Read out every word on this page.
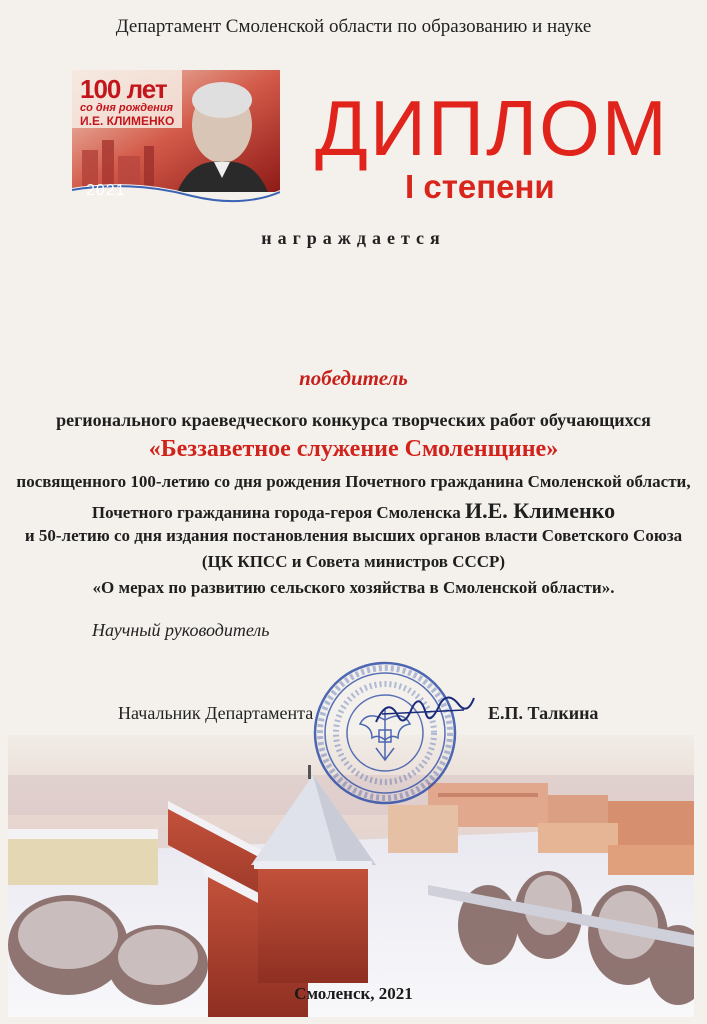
Департамент Смоленской области по образованию и науке
100 лет
со дня рождения
И.Е. КЛИМЕНКО
2021
ДИПЛОМ
I степени
награждается
победитель
регионального краеведческого конкурса творческих работ обучающихся
«Беззаветное служение Смоленщине»
посвященного 100-летию со дня рождения Почетного гражданина Смоленской области,
Почетного гражданина города-героя Смоленска И.Е. Клименко
и 50-летию со дня издания постановления высших органов власти Советского Союза
(ЦК КПСС и Совета министров СССР)
«О мерах по развитию сельского хозяйства в Смоленской области».
Научный руководитель
Начальник Департамента	Е.П. Талкина
Смоленск, 2021
